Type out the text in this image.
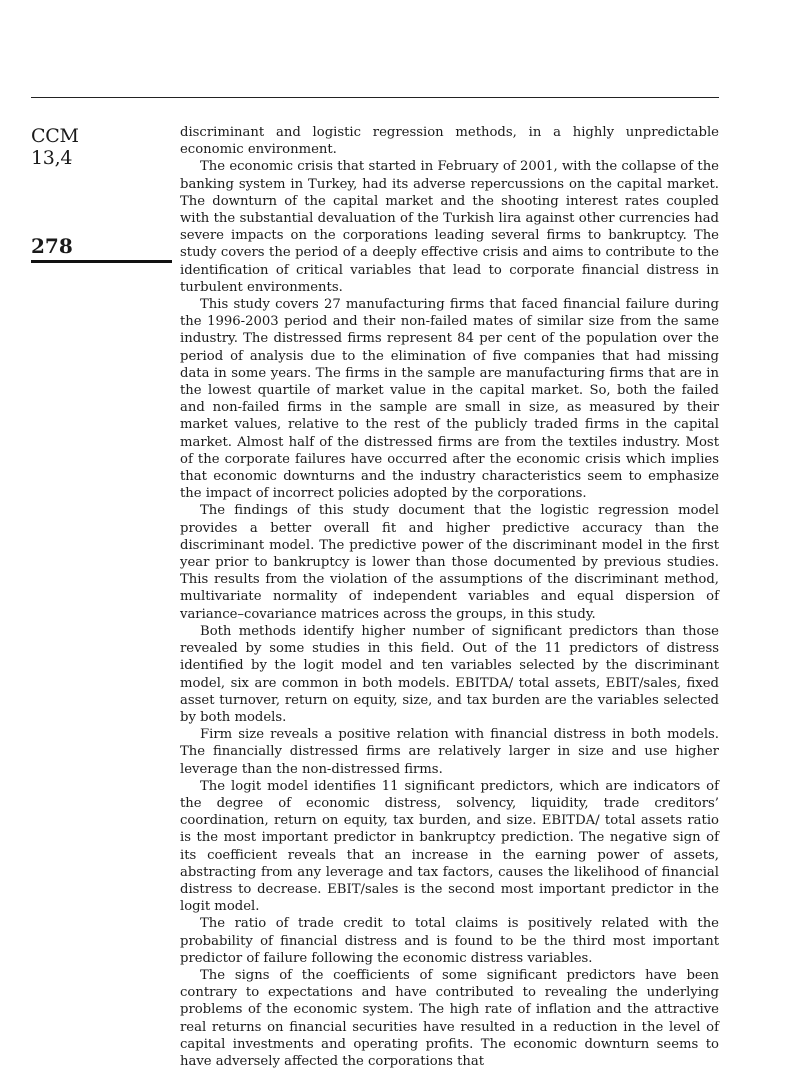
CCM
13,4
278

discriminant and logistic regression methods, in a highly unpredictable economic environment.

The economic crisis that started in February of 2001, with the collapse of the banking system in Turkey, had its adverse repercussions on the capital market. The downturn of the capital market and the shooting interest rates coupled with the substantial devaluation of the Turkish lira against other currencies had severe impacts on the corporations leading several firms to bankruptcy. The study covers the period of a deeply effective crisis and aims to contribute to the identification of critical variables that lead to corporate financial distress in turbulent environments.

This study covers 27 manufacturing firms that faced financial failure during the 1996-2003 period and their non-failed mates of similar size from the same industry. The distressed firms represent 84 per cent of the population over the period of analysis due to the elimination of five companies that had missing data in some years. The firms in the sample are manufacturing firms that are in the lowest quartile of market value in the capital market. So, both the failed and non-failed firms in the sample are small in size, as measured by their market values, relative to the rest of the publicly traded firms in the capital market. Almost half of the distressed firms are from the textiles industry. Most of the corporate failures have occurred after the economic crisis which implies that economic downturns and the industry characteristics seem to emphasize the impact of incorrect policies adopted by the corporations.

The findings of this study document that the logistic regression model provides a better overall fit and higher predictive accuracy than the discriminant model. The predictive power of the discriminant model in the first year prior to bankruptcy is lower than those documented by previous studies. This results from the violation of the assumptions of the discriminant method, multivariate normality of independent variables and equal dispersion of variance–covariance matrices across the groups, in this study.

Both methods identify higher number of significant predictors than those revealed by some studies in this field. Out of the 11 predictors of distress identified by the logit model and ten variables selected by the discriminant model, six are common in both models. EBITDA/ total assets, EBIT/sales, fixed asset turnover, return on equity, size, and tax burden are the variables selected by both models.

Firm size reveals a positive relation with financial distress in both models. The financially distressed firms are relatively larger in size and use higher leverage than the non-distressed firms.

The logit model identifies 11 significant predictors, which are indicators of the degree of economic distress, solvency, liquidity, trade creditors’ coordination, return on equity, tax burden, and size. EBITDA/ total assets ratio is the most important predictor in bankruptcy prediction. The negative sign of its coefficient reveals that an increase in the earning power of assets, abstracting from any leverage and tax factors, causes the likelihood of financial distress to decrease. EBIT/sales is the second most important predictor in the logit model.

The ratio of trade credit to total claims is positively related with the probability of financial distress and is found to be the third most important predictor of failure following the economic distress variables.

The signs of the coefficients of some significant predictors have been contrary to expectations and have contributed to revealing the underlying problems of the economic system. The high rate of inflation and the attractive real returns on financial securities have resulted in a reduction in the level of capital investments and operating profits. The economic downturn seems to have adversely affected the corporations that
